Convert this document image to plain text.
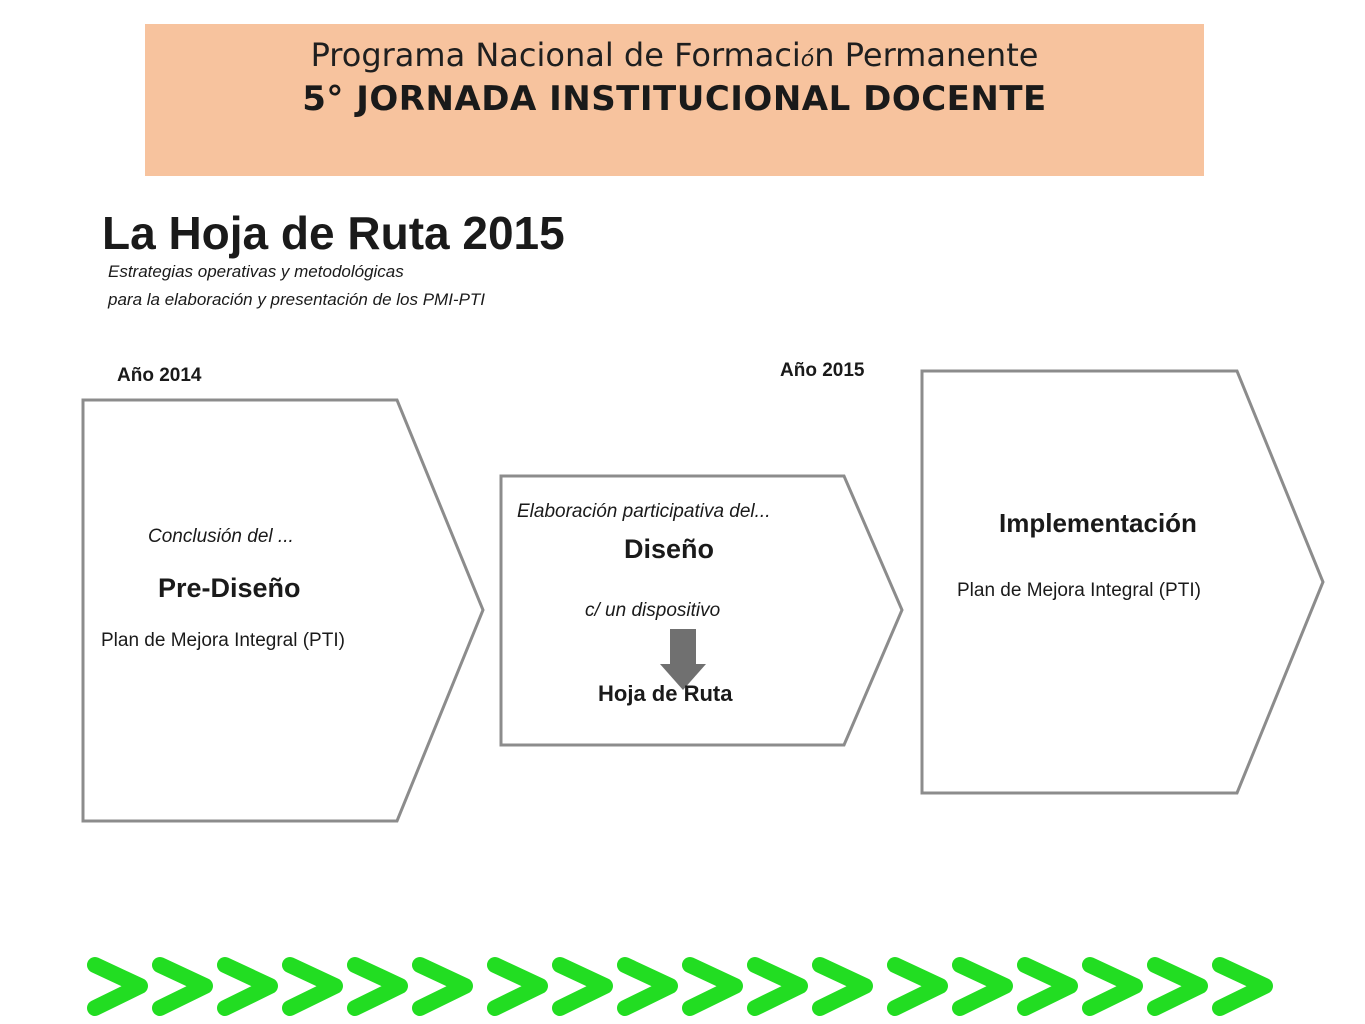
Programa Nacional de Formación Permanente
5° JORNADA INSTITUCIONAL DOCENTE
La Hoja de Ruta 2015
Estrategias operativas y metodológicas
para la elaboración y presentación de los PMI-PTI
Año 2014	Año 2015
Conclusión del ...
Pre-Diseño
Plan de Mejora Integral (PTI)
Elaboración participativa del...
Diseño
c/ un dispositivo
Hoja de Ruta
Implementación
Plan de Mejora Integral (PTI)
